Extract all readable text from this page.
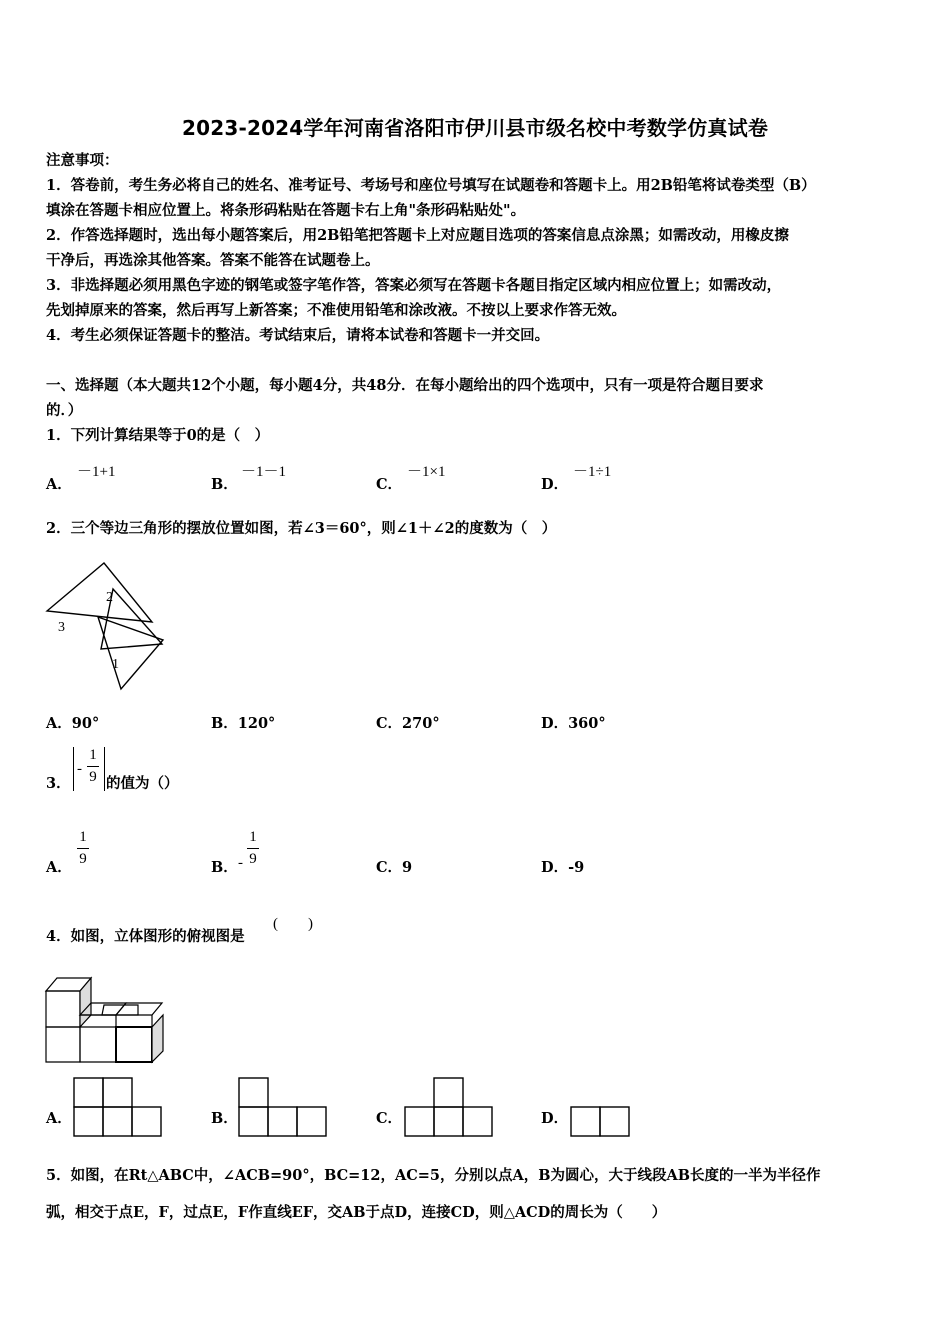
2023-2024学年河南省洛阳市伊川县市级名校中考数学仿真试卷
注意事项：
1．答卷前，考生务必将自己的姓名、准考证号、考场号和座位号填写在试题卷和答题卡上。用2B铅笔将试卷类型（B）
填涂在答题卡相应位置上。将条形码粘贴在答题卡右上角"条形码粘贴处"。
2．作答选择题时，选出每小题答案后，用2B铅笔把答题卡上对应题目选项的答案信息点涂黑；如需改动，用橡皮擦
干净后，再选涂其他答案。答案不能答在试题卷上。
3．非选择题必须用黑色字迹的钢笔或签字笔作答，答案必须写在答题卡各题目指定区域内相应位置上；如需改动，
先划掉原来的答案，然后再写上新答案；不准使用铅笔和涂改液。不按以上要求作答无效。
4．考生必须保证答题卡的整洁。考试结束后，请将本试卷和答题卡一并交回。
一、选择题（本大题共12个小题，每小题4分，共48分．在每小题给出的四个选项中，只有一项是符合题目要求
的．）
1．下列计算结果等于0的是（　）
A．
－1+1
B．
－1－1
C．
－1×1
D．
－1÷1
2．三个等边三角形的摆放位置如图，若∠3＝60°，则∠1＋∠2的度数为（　）
2
3
1
A．90°	B．120°	C．270°	D．360°
3．
-
1
9 的值为（）
A．
1
9	B． -
1
9	C．9	D．-9
4．如图，立体图形的俯视图是
(　　)
A．	B．	C．	D．
5．如图，在Rt△ABC中，∠ACB=90°，BC=12，AC=5，分别以点A，B为圆心，大于线段AB长度的一半为半径作
弧，相交于点E，F，过点E，F作直线EF，交AB于点D，连接CD，则△ACD的周长为（　　）
